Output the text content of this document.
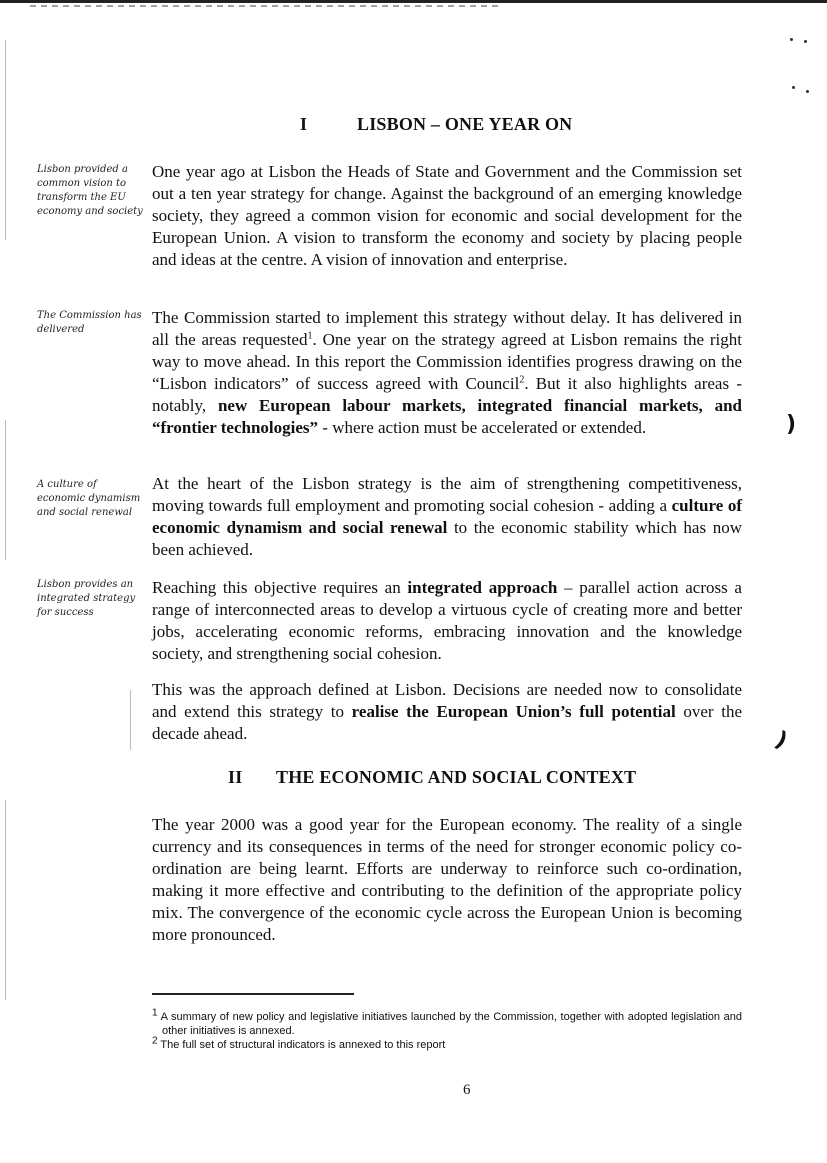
I	LISBON – ONE YEAR ON
Lisbon provided a common vision to transform the EU economy and society

One year ago at Lisbon the Heads of State and Government and the Commission set out a ten year strategy for change. Against the background of an emerging knowledge society, they agreed a common vision for economic and social development for the European Union. A vision to transform the economy and society by placing people and ideas at the centre. A vision of innovation and enterprise.

The Commission has delivered

The Commission started to implement this strategy without delay. It has delivered in all the areas requested$^1$. One year on the strategy agreed at Lisbon remains the right way to move ahead. In this report the Commission identifies progress drawing on the “Lisbon indicators” of success agreed with Council$^2$. But it also highlights areas - notably, new European labour markets, integrated financial markets, and “frontier technologies” - where action must be accelerated or extended.	)
A culture of economic dynamism and social renewal

At the heart of the Lisbon strategy is the aim of strengthening competitiveness, moving towards full employment and promoting social cohesion - adding a culture of economic dynamism and social renewal to the economic stability which has now been achieved.

Lisbon provides an integrated strategy for success

Reaching this objective requires an integrated approach – parallel action across a range of interconnected areas to develop a virtuous cycle of creating more and better jobs, accelerating economic reforms, embracing innovation and the knowledge society, and strengthening social cohesion.

This was the approach defined at Lisbon. Decisions are needed now to consolidate and extend this strategy to realise the European Union’s full potential over the decade ahead.	)
II THE ECONOMIC AND SOCIAL CONTEXT

The year 2000 was a good year for the European economy. The reality of a single currency and its consequences in terms of the need for stronger economic policy co-ordination are being learnt. Efforts are underway to reinforce such co-ordination, making it more effective and contributing to the definition of the appropriate policy mix. The convergence of the economic cycle across the European Union is becoming more pronounced.

$^1$ A summary of new policy and legislative initiatives launched by the Commission, together with adopted legislation and other initiatives is annexed.

$^2$ The full set of structural indicators is annexed to this report

6
